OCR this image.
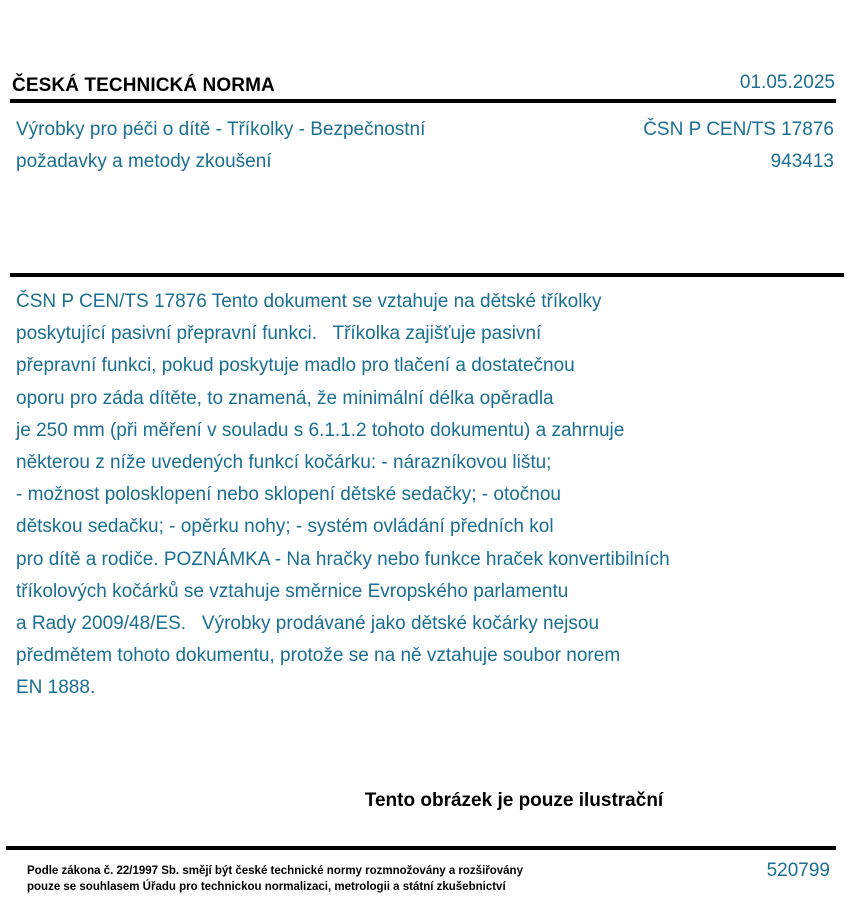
ČESKÁ TECHNICKÁ NORMA	01.05.2025
Výrobky pro péči o dítě - Tříkolky - Bezpečnostní
požadavky a metody zkoušení
ČSN P CEN/TS 17876
943413
ČSN P CEN/TS 17876 Tento dokument se vztahuje na dětské tříkolky
poskytující pasivní přepravní funkci.   Tříkolka zajišťuje pasivní
přepravní funkci, pokud poskytuje madlo pro tlačení a dostatečnou
oporu pro záda dítěte, to znamená, že minimální délka opěradla
je 250 mm (při měření v souladu s 6.1.1.2 tohoto dokumentu) a zahrnuje
některou z níže uvedených funkcí kočárku: - nárazníkovou lištu;
- možnost polosklopení nebo sklopení dětské sedačky; - otočnou
dětskou sedačku; - opěrku nohy; - systém ovládání předních kol
pro dítě a rodiče. POZNÁMKA - Na hračky nebo funkce hraček konvertibilních
tříkolových kočárků se vztahuje směrnice Evropského parlamentu
a Rady 2009/48/ES.   Výrobky prodávané jako dětské kočárky nejsou
předmětem tohoto dokumentu, protože se na ně vztahuje soubor norem
EN 1888.
Tento obrázek je pouze ilustrační
Podle zákona č. 22/1997 Sb. smějí být české technické normy rozmnožovány a rozšiřovány
pouze se souhlasem Úřadu pro technickou normalizaci, metrologii a státní zkušebnictví
520799
